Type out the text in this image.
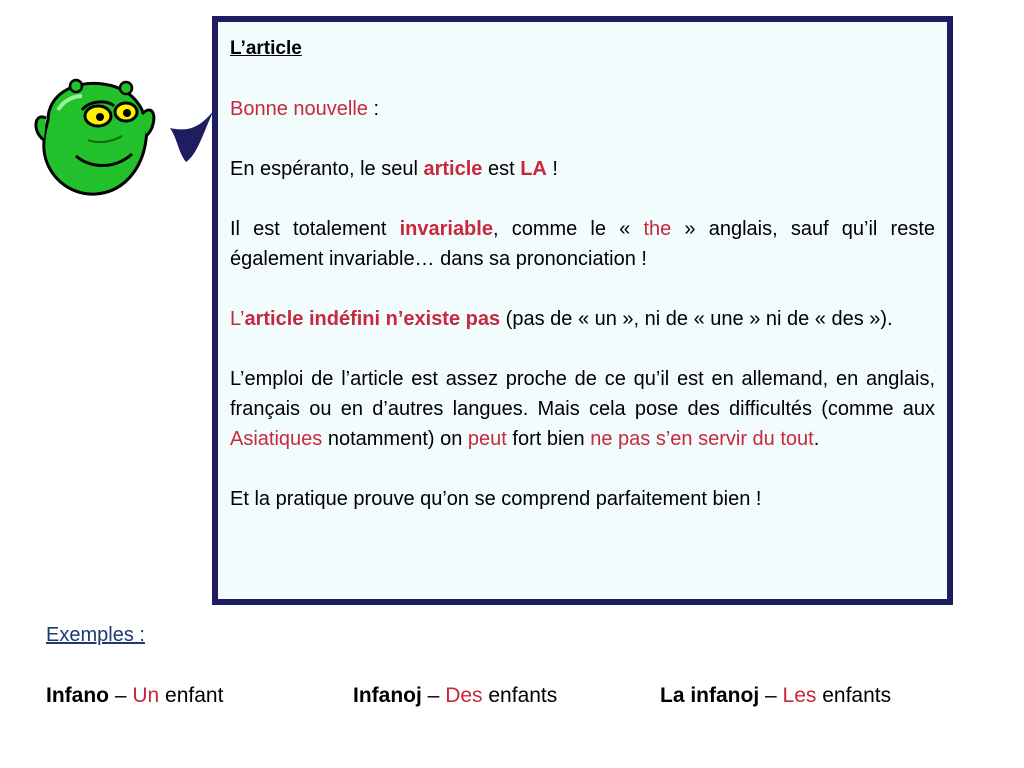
L’article

Bonne nouvelle :

En espéranto, le seul article est LA !

Il est totalement invariable, comme le « the » anglais, sauf qu’il reste également invariable… dans sa prononciation !

L’article indéfini n’existe pas (pas de « un », ni de « une » ni de « des »).

L’emploi de l’article est assez proche de ce qu’il est en allemand, en anglais, français ou en d’autres langues. Mais cela pose des difficultés (comme aux Asiatiques notamment) on peut fort bien ne pas s’en servir du tout.

Et la pratique prouve qu’on se comprend parfaitement bien !

Exemples :
Infano – Un enfant	Infanoj – Des enfants	La infanoj – Les enfants
